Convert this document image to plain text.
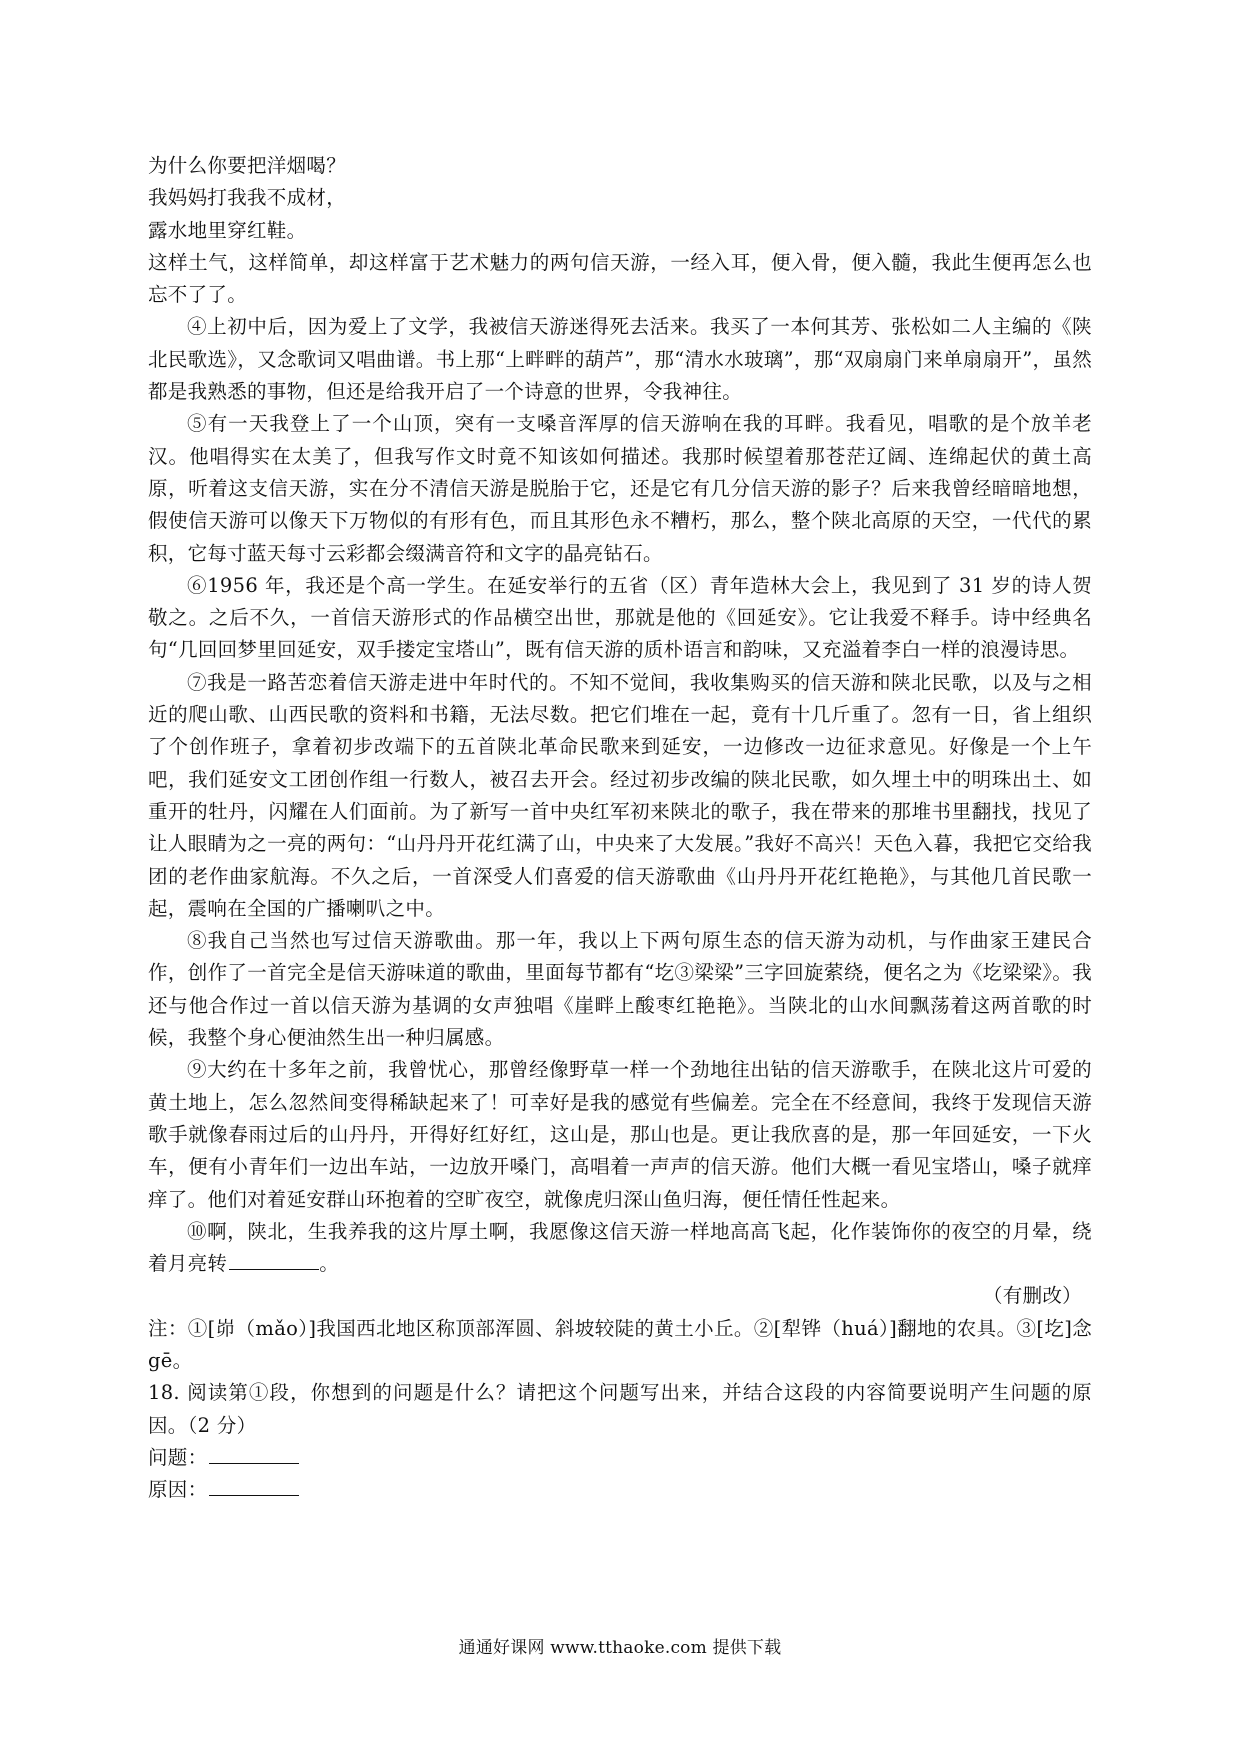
为什么你要把洋烟喝？

我妈妈打我我不成材，

露水地里穿红鞋。

这样土气，这样简单，却这样富于艺术魅力的两句信天游，一经入耳，便入骨，便入髓，我此生便再怎么也忘不了了。

④上初中后，因为爱上了文学，我被信天游迷得死去活来。我买了一本何其芳、张松如二人主编的《陕北民歌选》，又念歌词又唱曲谱。书上那“上畔畔的葫芦”，那“清水水玻璃”，那“双扇扇门来单扇扇开”，虽然都是我熟悉的事物，但还是给我开启了一个诗意的世界，令我神往。

⑤有一天我登上了一个山顶，突有一支嗓音浑厚的信天游响在我的耳畔。我看见，唱歌的是个放羊老汉。他唱得实在太美了，但我写作文时竟不知该如何描述。我那时候望着那苍茫辽阔、连绵起伏的黄土高原，听着这支信天游，实在分不清信天游是脱胎于它，还是它有几分信天游的影子？后来我曾经暗暗地想，假使信天游可以像天下万物似的有形有色，而且其形色永不糟朽，那么，整个陕北高原的天空，一代代的累积，它每寸蓝天每寸云彩都会缀满音符和文字的晶亮钻石。

⑥1956 年，我还是个高一学生。在延安举行的五省（区）青年造林大会上，我见到了 31 岁的诗人贺敬之。之后不久，一首信天游形式的作品横空出世，那就是他的《回延安》。它让我爱不释手。诗中经典名句“几回回梦里回延安，双手搂定宝塔山”，既有信天游的质朴语言和韵味，又充溢着李白一样的浪漫诗思。

⑦我是一路苦恋着信天游走进中年时代的。不知不觉间，我收集购买的信天游和陕北民歌，以及与之相近的爬山歌、山西民歌的资料和书籍，无法尽数。把它们堆在一起，竟有十几斤重了。忽有一日，省上组织了个创作班子，拿着初步改端下的五首陕北革命民歌来到延安，一边修改一边征求意见。好像是一个上午吧，我们延安文工团创作组一行数人，被召去开会。经过初步改编的陕北民歌，如久埋土中的明珠出土、如重开的牡丹，闪耀在人们面前。为了新写一首中央红军初来陕北的歌子，我在带来的那堆书里翻找，找见了让人眼睛为之一亮的两句：“山丹丹开花红满了山，中央来了大发展。”我好不高兴！天色入暮，我把它交给我团的老作曲家航海。不久之后，一首深受人们喜爱的信天游歌曲《山丹丹开花红艳艳》，与其他几首民歌一起，震响在全国的广播喇叭之中。

⑧我自己当然也写过信天游歌曲。那一年，我以上下两句原生态的信天游为动机，与作曲家王建民合作，创作了一首完全是信天游味道的歌曲，里面每节都有“圪③梁梁”三字回旋萦绕，便名之为《圪梁梁》。我还与他合作过一首以信天游为基调的女声独唱《崖畔上酸枣红艳艳》。当陕北的山水间飘荡着这两首歌的时候，我整个身心便油然生出一种归属感。

⑨大约在十多年之前，我曾忧心，那曾经像野草一样一个劲地往出钻的信天游歌手，在陕北这片可爱的黄土地上，怎么忽然间变得稀缺起来了！可幸好是我的感觉有些偏差。完全在不经意间，我终于发现信天游歌手就像春雨过后的山丹丹，开得好红好红，这山是，那山也是。更让我欣喜的是，那一年回延安，一下火车，便有小青年们一边出车站，一边放开嗓门，高唱着一声声的信天游。他们大概一看见宝塔山，嗓子就痒痒了。他们对着延安群山环抱着的空旷夜空，就像虎归深山鱼归海，便任情任性起来。

⑩啊，陕北，生我养我的这片厚土啊，我愿像这信天游一样地高高飞起，化作装饰你的夜空的月晕，绕着月亮转	。

（有删改）

注：①[峁（mǎo）]我国西北地区称顶部浑圆、斜坡较陡的黄土小丘。②[犁铧（huá）]翻地的农具。③[圪]念 gē。

18. 阅读第①段，你想到的问题是什么？请把这个问题写出来，并结合这段的内容简要说明产生问题的原因。（2 分）

问题：

原因：

通通好课网 www.tthaoke.com 提供下载
